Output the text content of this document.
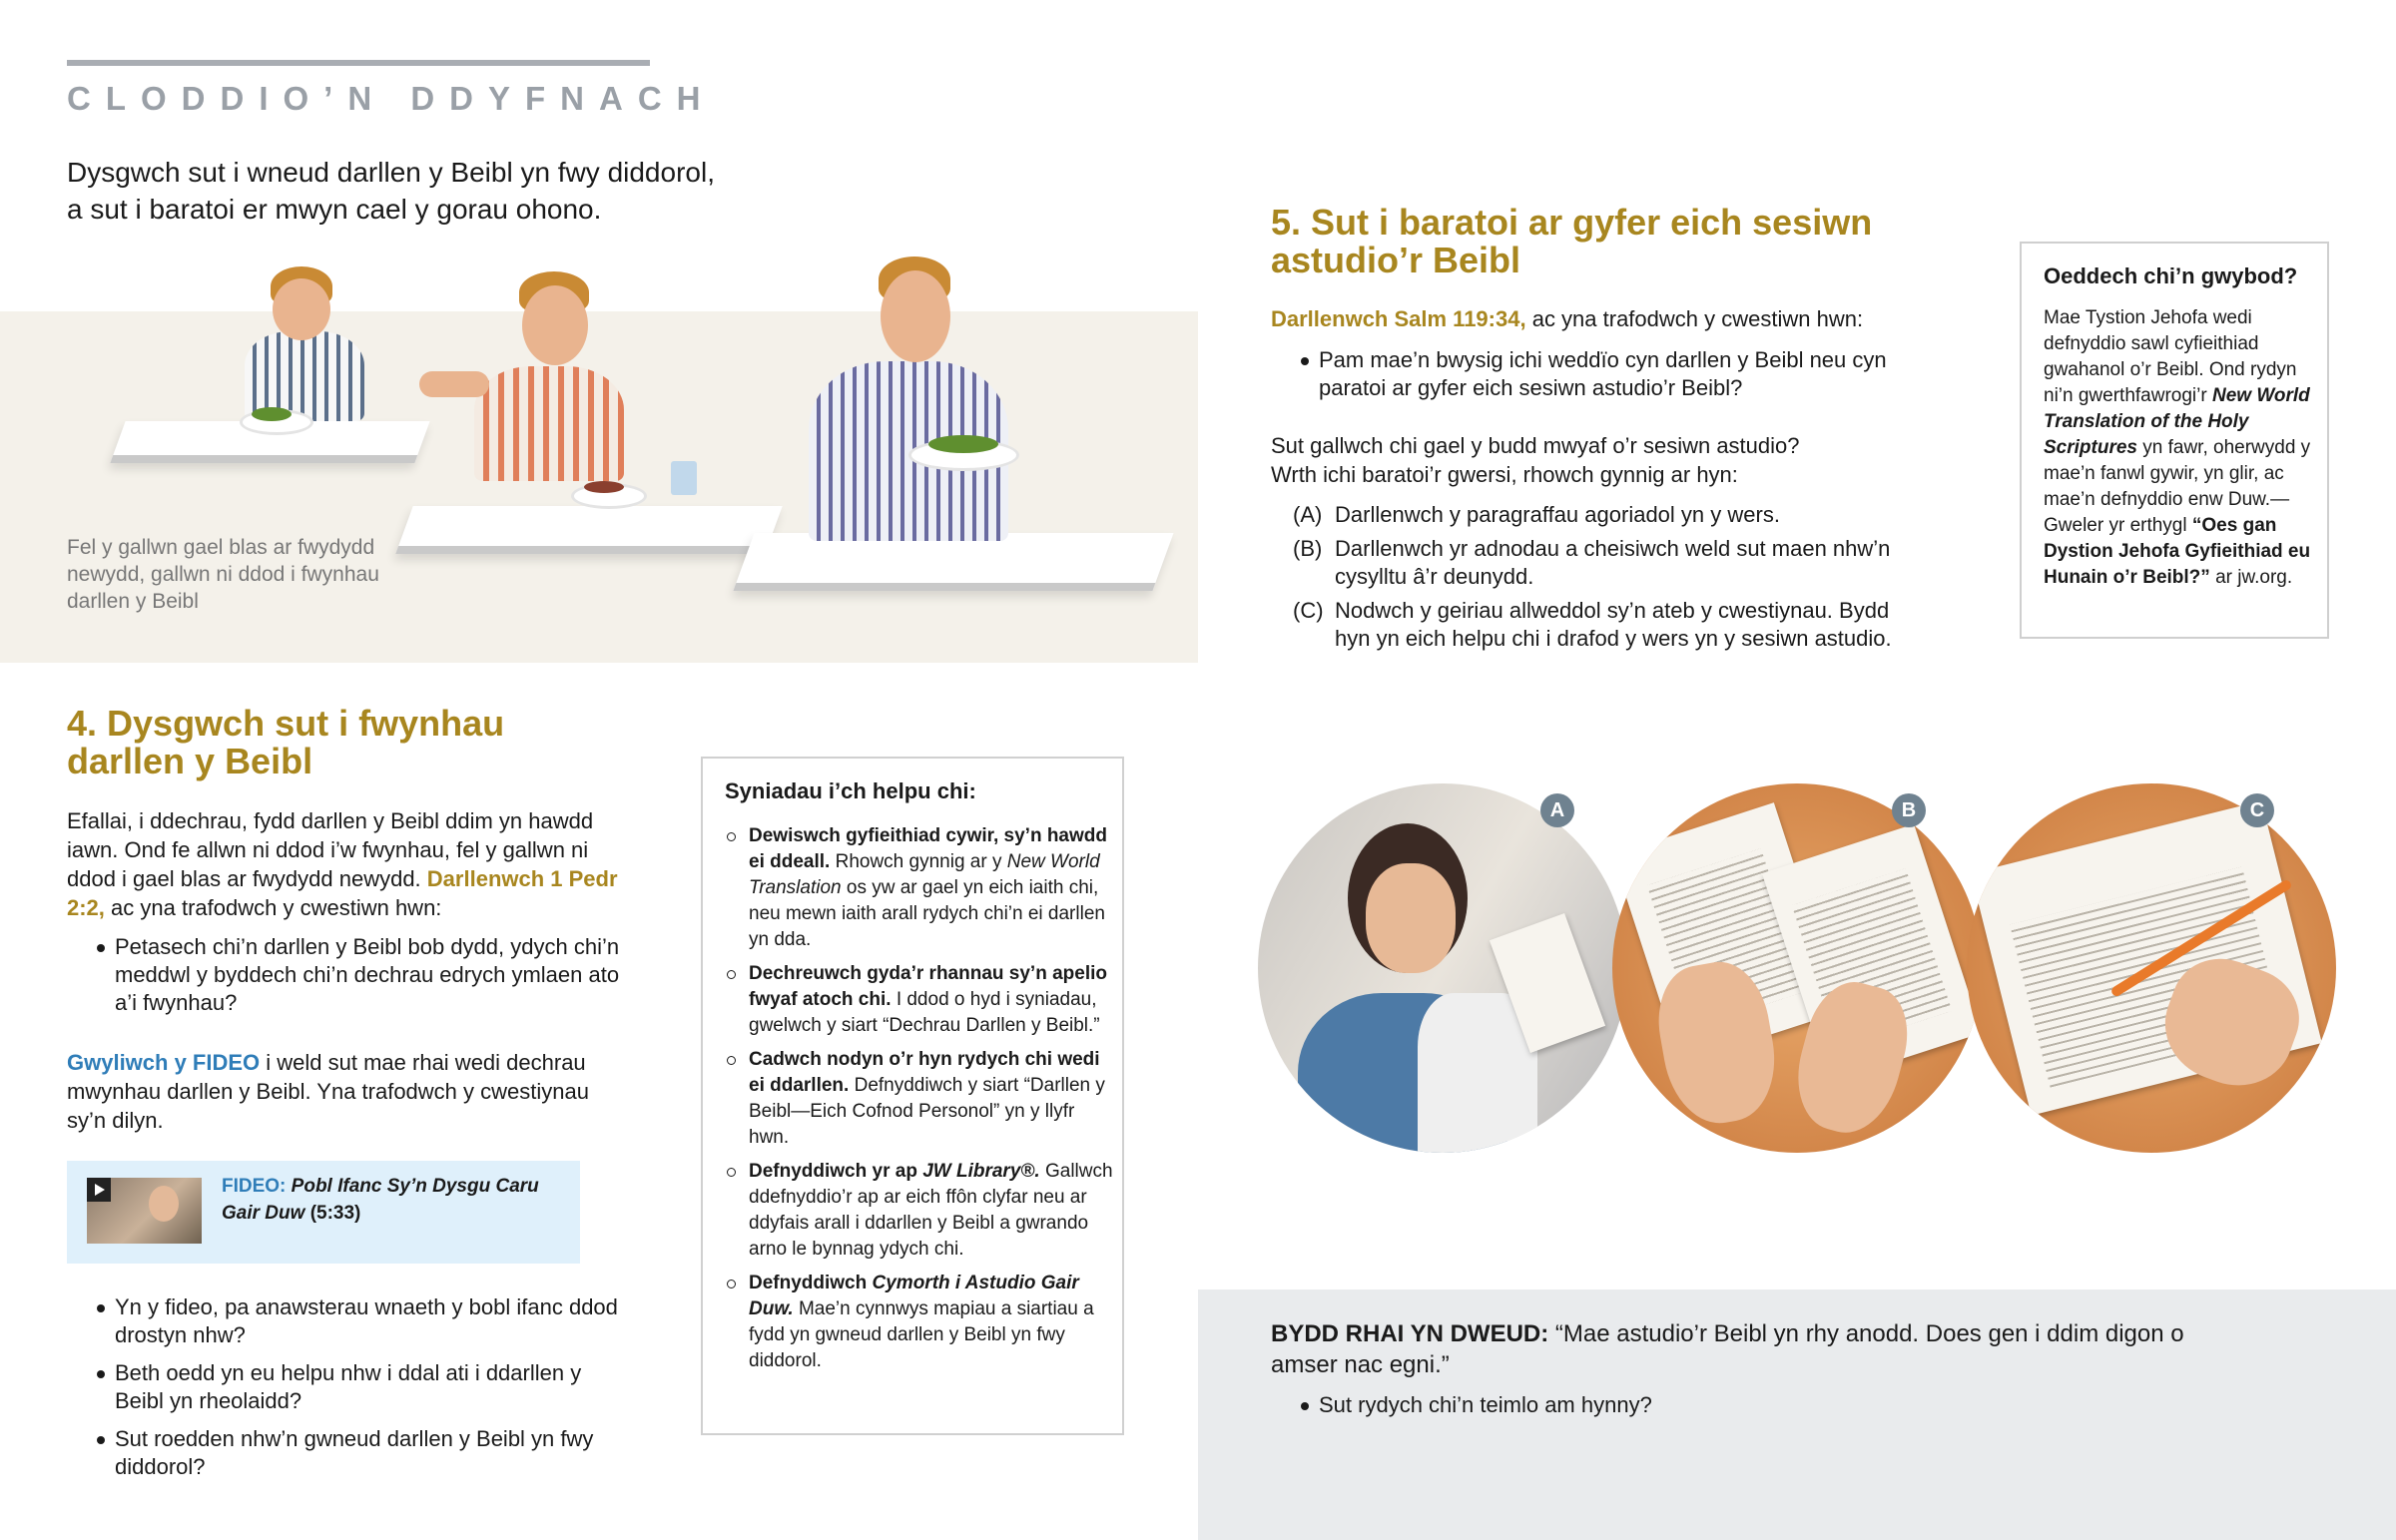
CLODDIO’N DDYFNACH
Dysgwch sut i wneud darllen y Beibl yn fwy diddorol,
a sut i baratoi er mwyn cael y gorau ohono.
Fel y gallwn gael blas ar fwydydd
newydd, gallwn ni ddod i fwynhau
darllen y Beibl
4. Dysgwch sut i fwynhau
darllen y Beibl
Efallai, i ddechrau, fydd darllen y Beibl ddim yn hawdd iawn. Ond fe allwn ni ddod i’w fwynhau, fel y gallwn ni ddod i gael blas ar fwydydd newydd. Darllenwch 1 Pedr 2:2, ac yna trafodwch y cwestiwn hwn:
Petasech chi’n darllen y Beibl bob dydd, ydych chi’n meddwl y byddech chi’n dechrau edrych ymlaen ato a’i fwynhau?
Gwyliwch y FIDEO i weld sut mae rhai wedi dechrau mwynhau darllen y Beibl. Yna trafodwch y cwestiynau sy’n dilyn.
FIDEO: Pobl Ifanc Sy’n Dysgu Caru Gair Duw (5:33)
Yn y fideo, pa anawsterau wnaeth y bobl ifanc ddod drostyn nhw?
Beth oedd yn eu helpu nhw i ddal ati i ddarllen y Beibl yn rheolaidd?
Sut roedden nhw’n gwneud darllen y Beibl yn fwy diddorol?
Syniadau i’ch helpu chi:
Dewiswch gyfieithiad cywir, sy’n hawdd ei ddeall. Rhowch gynnig ar y New World Translation os yw ar gael yn eich iaith chi, neu mewn iaith arall rydych chi’n ei darllen yn dda.
Dechreuwch gyda’r rhannau sy’n apelio fwyaf atoch chi. I ddod o hyd i syniadau, gwelwch y siart “Dechrau Darllen y Beibl.”
Cadwch nodyn o’r hyn rydych chi wedi ei ddarllen. Defnyddiwch y siart “Darllen y Beibl—Eich Cofnod Personol” yn y llyfr hwn.
Defnyddiwch yr ap JW Library®. Gallwch ddefnyddio’r ap ar eich ffôn clyfar neu ar ddyfais arall i ddarllen y Beibl a gwrando arno le bynnag ydych chi.
Defnyddiwch Cymorth i Astudio Gair Duw. Mae’n cynnwys mapiau a siartiau a fydd yn gwneud darllen y Beibl yn fwy diddorol.
5. Sut i baratoi ar gyfer eich sesiwn
astudio’r Beibl
Darllenwch Salm 119:34, ac yna trafodwch y cwestiwn hwn:
Pam mae’n bwysig ichi weddïo cyn darllen y Beibl neu cyn paratoi ar gyfer eich sesiwn astudio’r Beibl?
Sut gallwch chi gael y budd mwyaf o’r sesiwn astudio?
Wrth ichi baratoi’r gwersi, rhowch gynnig ar hyn:
(A) Darllenwch y paragraffau agoriadol yn y wers.
(B) Darllenwch yr adnodau a cheisiwch weld sut maen nhw’n cysylltu â’r deunydd.
(C) Nodwch y geiriau allweddol sy’n ateb y cwestiynau. Bydd hyn yn eich helpu chi i drafod y wers yn y sesiwn astudio.
Oeddech chi’n gwybod?
Mae Tystion Jehofa wedi defnyddio sawl cyfieithiad gwahanol o’r Beibl. Ond rydyn ni’n gwerthfawrogi’r New World Translation of the Holy Scriptures yn fawr, oherwydd y mae’n fanwl gywir, yn glir, ac mae’n defnyddio enw Duw.—Gweler yr erthygl “Oes gan Dystion Jehofa Gyfieithiad eu Hunain o’r Beibl?” ar jw.org.
A	B	C
BYDD RHAI YN DWEUD: “Mae astudio’r Beibl yn rhy anodd. Does gen i ddim digon o amser nac egni.”
Sut rydych chi’n teimlo am hynny?
